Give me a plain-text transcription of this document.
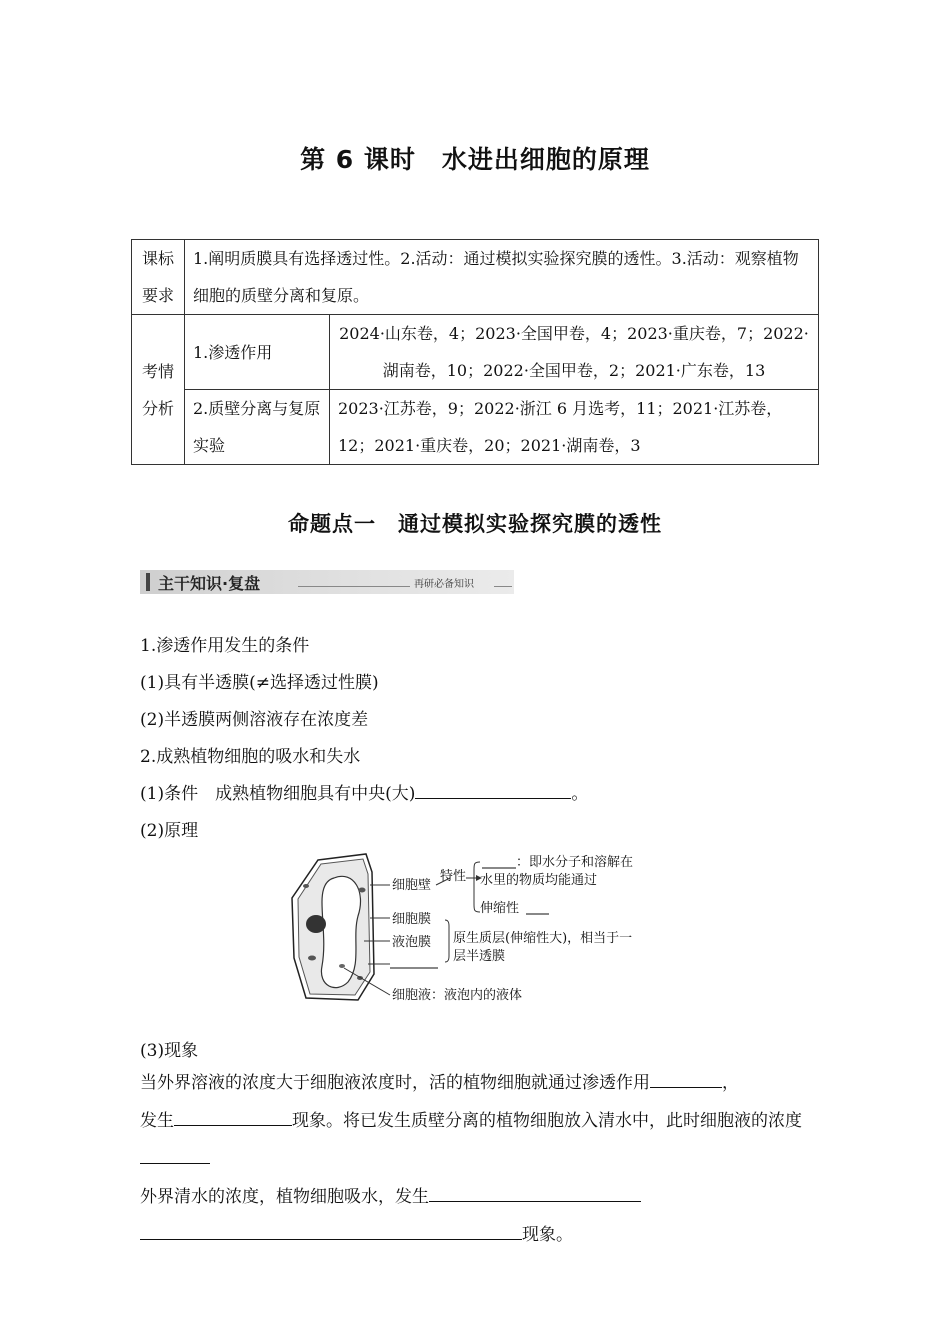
第 6 课时　水进出细胞的原理
课标要求	1.阐明质膜具有选择透过性。2.活动：通过模拟实验探究膜的透性。3.活动：观察植物细胞的质壁分离和复原。	
考情分析	1.渗透作用	2024·山东卷，4；2023·全国甲卷，4；2023·重庆卷，7；2022·湖南卷，10；2022·全国甲卷，2；2021·广东卷，13
	2.质壁分离与复原实验	2023·江苏卷，9；2022·浙江 6 月选考，11；2021·江苏卷，12；2021·重庆卷，20；2021·湖南卷，3
命题点一　通过模拟实验探究膜的透性
主干知识·复盘	再研必备知识
1.渗透作用发生的条件
(1)具有半透膜(≠选择透过性膜)
(2)半透膜两侧溶液存在浓度差
2.成熟植物细胞的吸水和失水
(1)条件　成熟植物细胞具有中央(大)	。
(2)原理
细胞壁
特性
：即水分子和溶解在
水里的物质均能通过
伸缩性
细胞膜
液泡膜 原生质层(伸缩性大)，相当于一
层半透膜
细胞液：液泡内的液体
(3)现象
当外界溶液的浓度大于细胞液浓度时，活的植物细胞就通过渗透作用	，
发生	现象。将已发生质壁分离的植物细胞放入清水中，此时细胞液的浓度
外界清水的浓度，植物细胞吸水，发生
现象。
